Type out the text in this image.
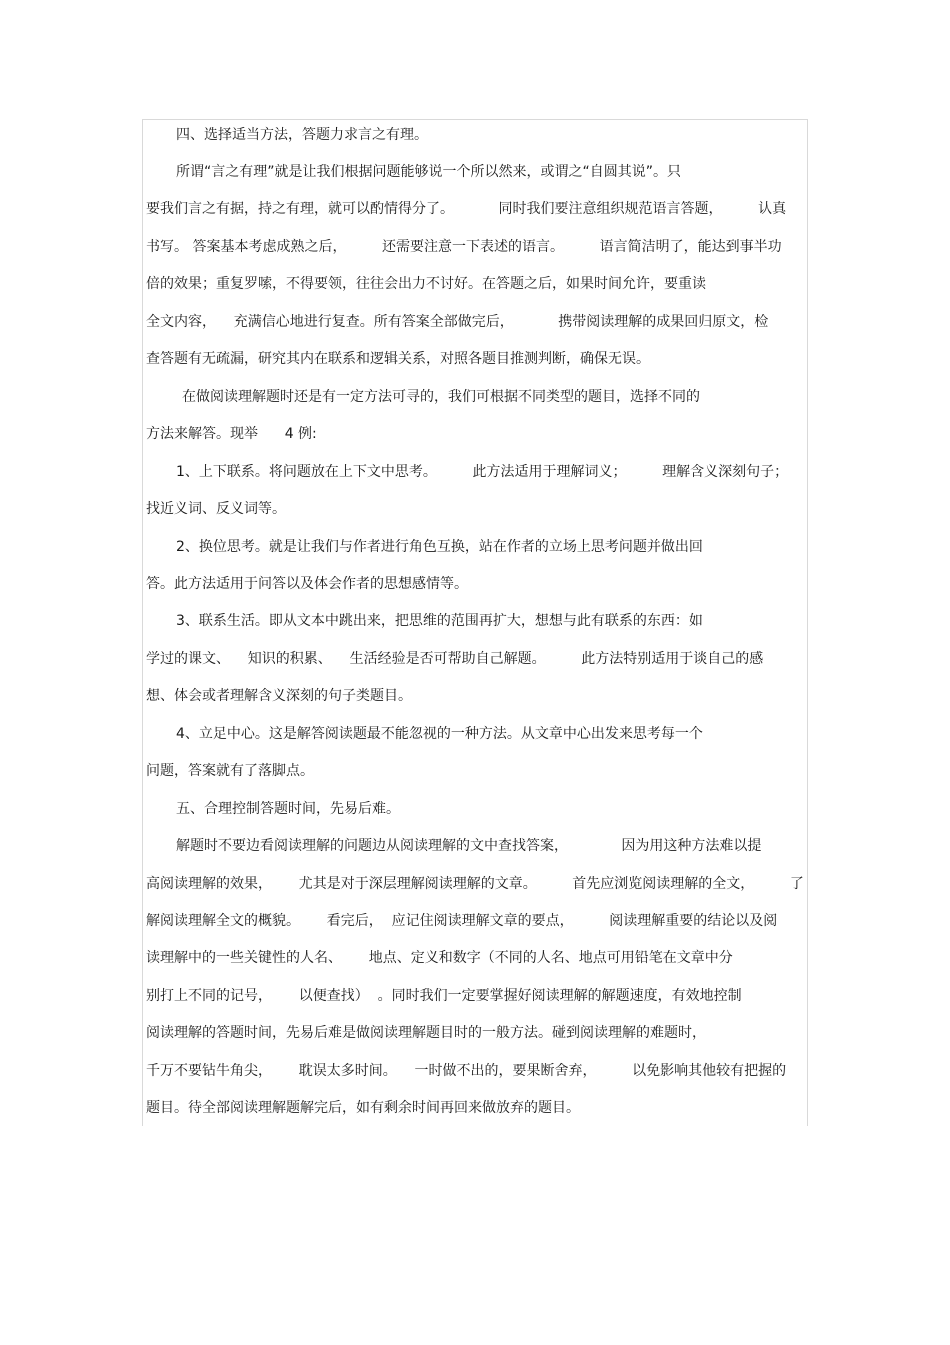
四、选择适当方法，答题力求言之有理。
所谓“言之有理”就是让我们根据问题能够说一个所以然来，或谓之“自圆其说”。只
要我们言之有据，持之有理，就可以酌情得分了。          同时我们要注意组织规范语言答题，        认真
书写。 答案基本考虑成熟之后，        还需要注意一下表述的语言。        语言简洁明了，能达到事半功
倍的效果；重复罗嗦，不得要领，往往会出力不讨好。在答题之后，如果时间允许，要重读
全文内容，    充满信心地进行复查。所有答案全部做完后，          携带阅读理解的成果回归原文，检
查答题有无疏漏，研究其内在联系和逻辑关系，对照各题目推测判断，确保无误。
在做阅读理解题时还是有一定方法可寻的，我们可根据不同类型的题目，选择不同的
方法来解答。现举      4 例:
1、上下联系。将问题放在上下文中思考。        此方法适用于理解词义；        理解含义深刻句子；
找近义词、反义词等。
2、换位思考。就是让我们与作者进行角色互换，站在作者的立场上思考问题并做出回
答。此方法适用于问答以及体会作者的思想感情等。
3、联系生活。即从文本中跳出来，把思维的范围再扩大，想想与此有联系的东西：如
学过的课文、    知识的积累、    生活经验是否可帮助自己解题。        此方法特别适用于谈自己的感
想、体会或者理解含义深刻的句子类题目。
4、立足中心。这是解答阅读题最不能忽视的一种方法。从文章中心出发来思考每一个
问题，答案就有了落脚点。
五、合理控制答题时间，先易后难。
解题时不要边看阅读理解的问题边从阅读理解的文中查找答案，            因为用这种方法难以提
高阅读理解的效果，      尤其是对于深层理解阅读理解的文章。        首先应浏览阅读理解的全文，        了
解阅读理解全文的概貌。      看完后，  应记住阅读理解文章的要点，        阅读理解重要的结论以及阅
读理解中的一些关键性的人名、      地点、定义和数字（不同的人名、地点可用铅笔在文章中分
别打上不同的记号，      以便查找）  。同时我们一定要掌握好阅读理解的解题速度，有效地控制
阅读理解的答题时间，先易后难是做阅读理解题目时的一般方法。碰到阅读理解的难题时，
千万不要钻牛角尖，      耽误太多时间。    一时做不出的，要果断舍弃，        以免影响其他较有把握的
题目。待全部阅读理解题解完后，如有剩余时间再回来做放弃的题目。
